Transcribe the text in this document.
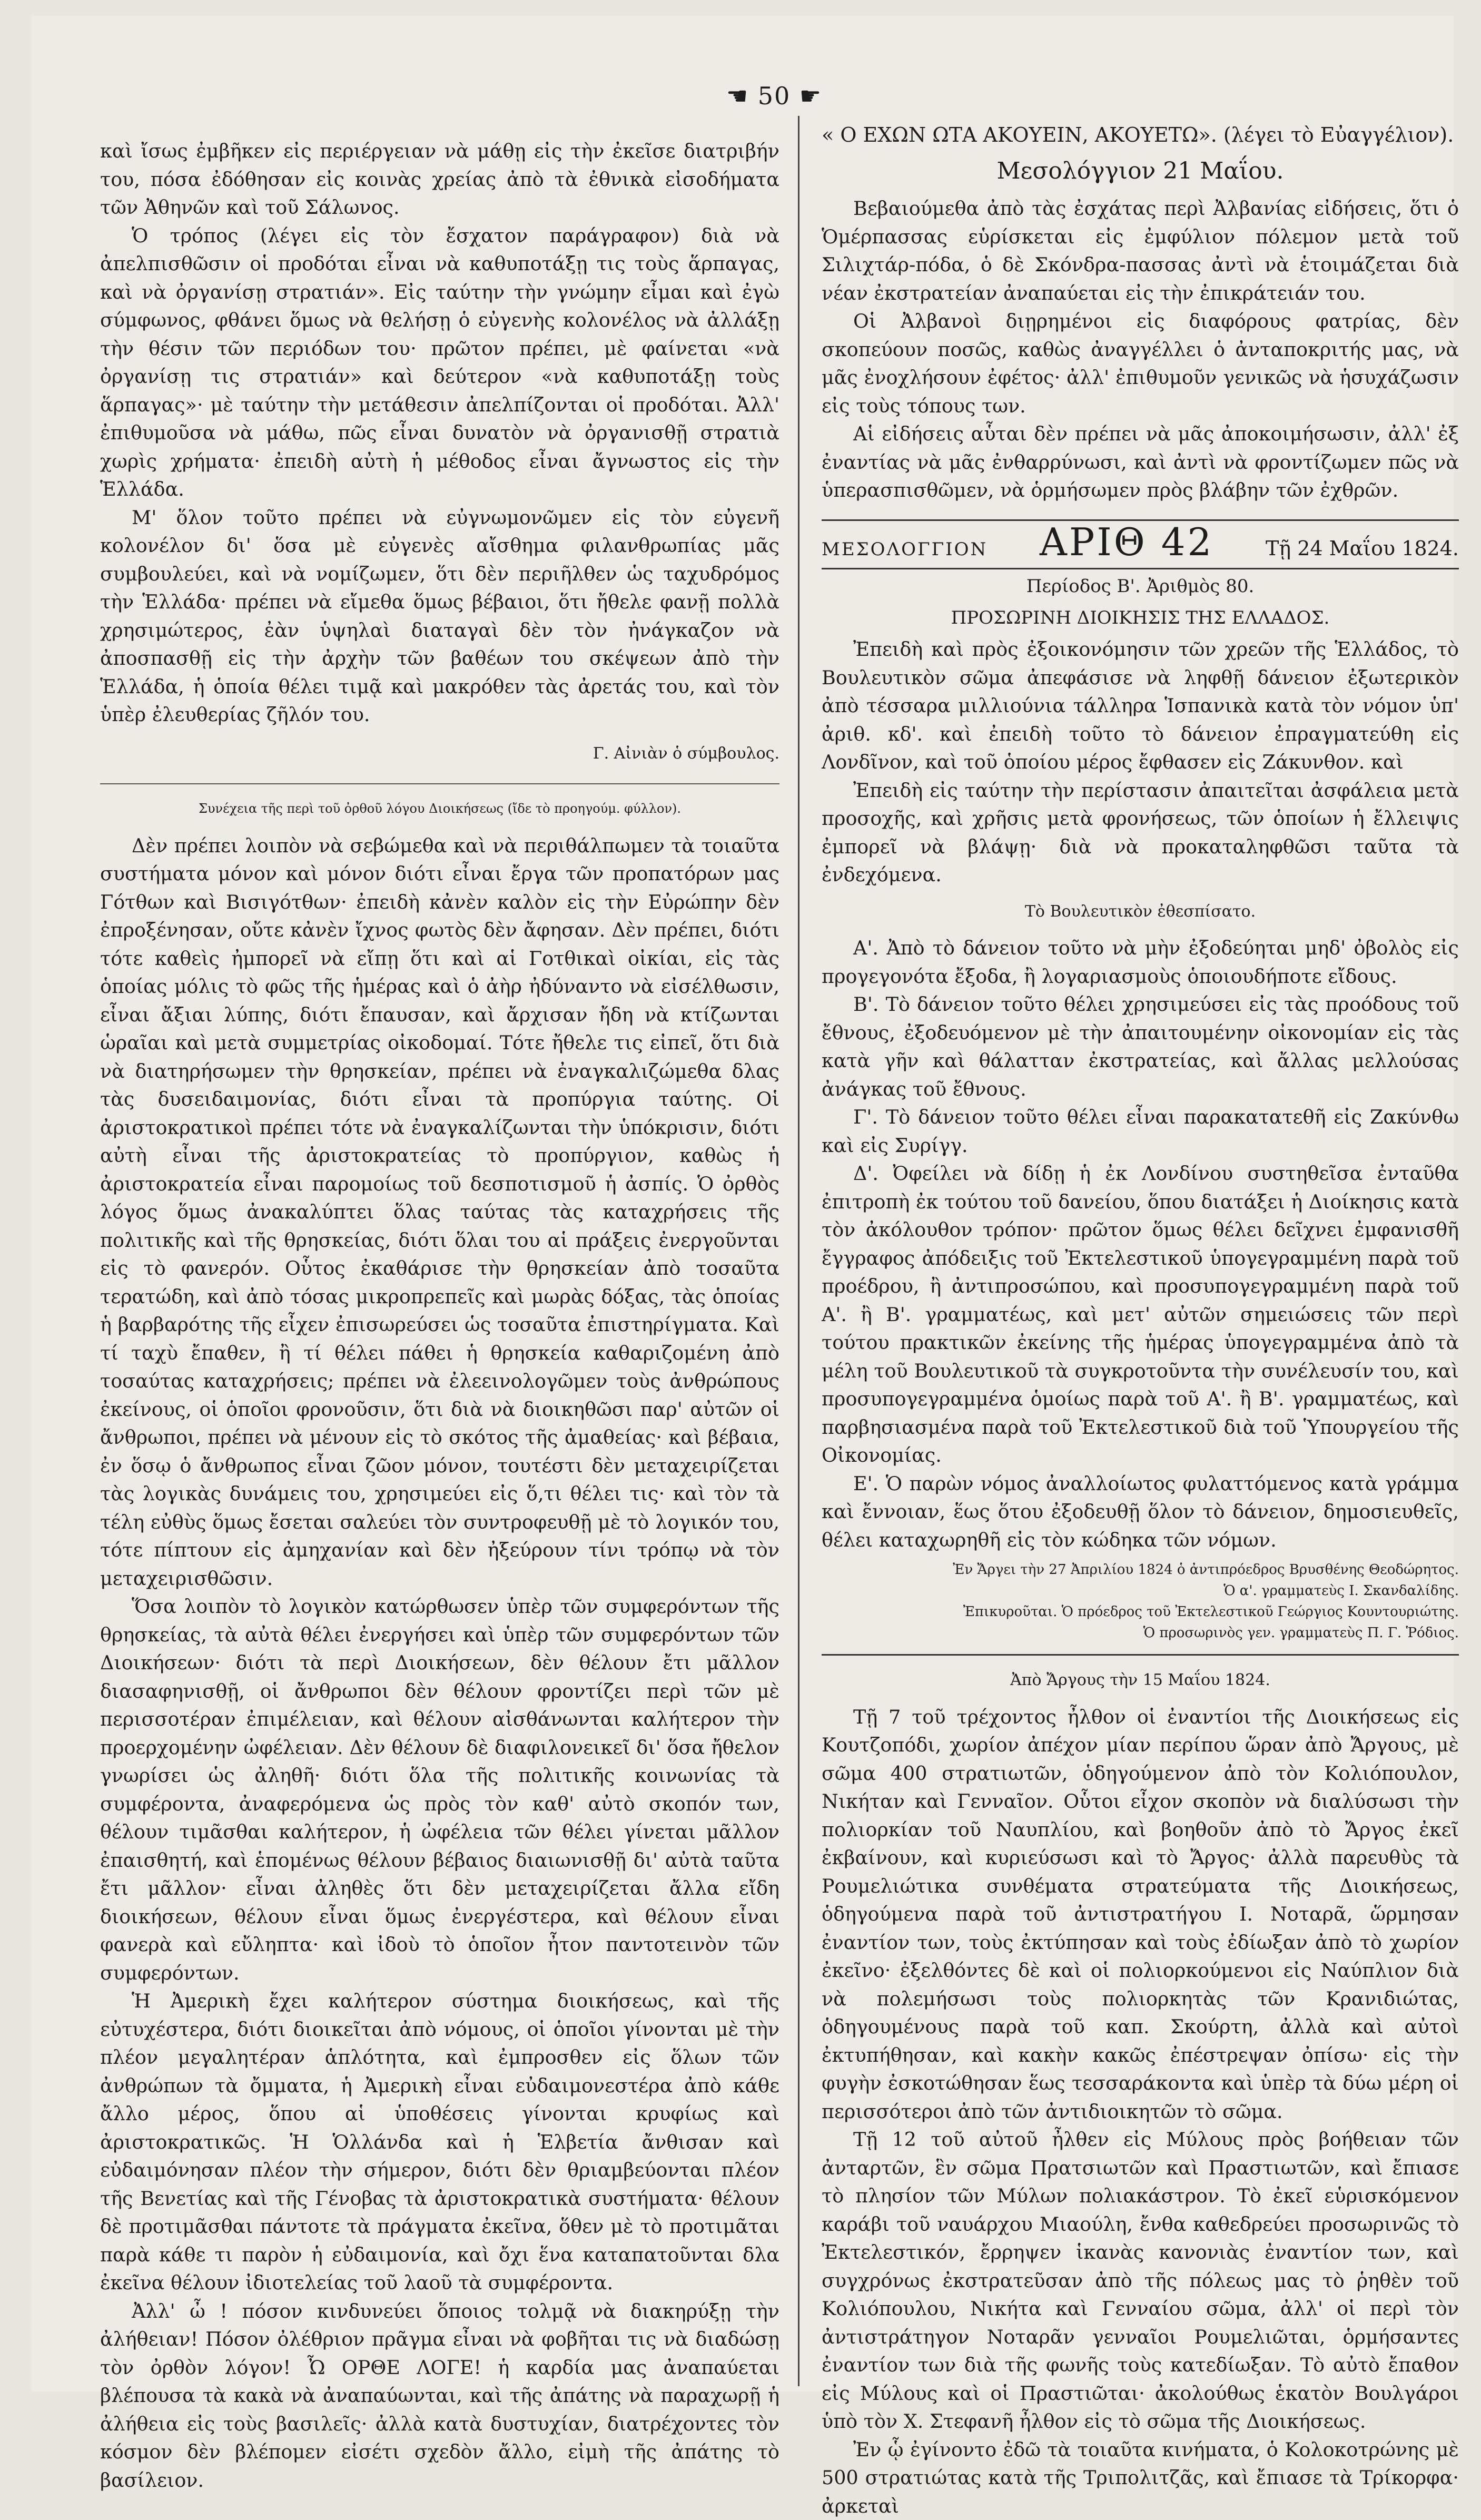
☚ 50 ☛

καὶ ἴσως ἐμβῆκεν εἰς περιέργειαν νὰ μάθῃ εἰς τὴν ἐκεῖσε διατριβήν του, πόσα ἐδόθησαν εἰς κοινὰς χρείας ἀπὸ τὰ ἐθνικὰ εἰσοδήματα τῶν Ἀθηνῶν καὶ τοῦ Σάλωνος.

Ὁ τρόπος (λέγει εἰς τὸν ἔσχατον παράγραφον) διὰ νὰ ἀπελπισθῶσιν οἱ προδόται εἶναι νὰ καθυποτάξῃ τις τοὺς ἅρπαγας, καὶ νὰ ὀργανίσῃ στρατιάν». Εἰς ταύτην τὴν γνώμην εἶμαι καὶ ἐγὼ σύμφωνος, φθάνει ὅμως νὰ θελήσῃ ὁ εὐγενὴς κολονέλος νὰ ἀλλάξῃ τὴν θέσιν τῶν περιόδων του· πρῶτον πρέπει, μὲ φαίνεται «νὰ ὀργανίσῃ τις στρατιάν» καὶ δεύτερον «νὰ καθυποτάξῃ τοὺς ἅρπαγας»· μὲ ταύτην τὴν μετάθεσιν ἀπελπίζονται οἱ προδόται. Ἀλλ' ἐπιθυμοῦσα νὰ μάθω, πῶς εἶναι δυνατὸν νὰ ὀργανισθῇ στρατιὰ χωρὶς χρήματα· ἐπειδὴ αὐτὴ ἡ μέθοδος εἶναι ἄγνωστος εἰς τὴν Ἑλλάδα.

Μ' ὅλον τοῦτο πρέπει νὰ εὐγνωμονῶμεν εἰς τὸν εὐγενῆ κολονέλον δι' ὅσα μὲ εὐγενὲς αἴσθημα φιλανθρωπίας μᾶς συμβουλεύει, καὶ νὰ νομίζωμεν, ὅτι δὲν περιῆλθεν ὡς ταχυδρόμος τὴν Ἑλλάδα· πρέπει νὰ εἴμεθα ὅμως βέβαιοι, ὅτι ἤθελε φανῇ πολλὰ χρησιμώτερος, ἐὰν ὑψηλαὶ διαταγαὶ δὲν τὸν ἠνάγκαζον νὰ ἀποσπασθῇ εἰς τὴν ἀρχὴν τῶν βαθέων του σκέψεων ἀπὸ τὴν Ἑλλάδα, ἡ ὁποία θέλει τιμᾷ καὶ μακρόθεν τὰς ἀρετάς του, καὶ τὸν ὑπὲρ ἐλευθερίας ζῆλόν του.

Γ. Αἰνιὰν ὁ σύμβουλος.
Συνέχεια τῆς περὶ τοῦ ὀρθοῦ λόγου Διοικήσεως (ἴδε τὸ προηγούμ. φύλλον).

Δὲν πρέπει λοιπὸν νὰ σεβώμεθα καὶ νὰ περιθάλπωμεν τὰ τοιαῦτα συστήματα μόνον καὶ μόνον διότι εἶναι ἔργα τῶν προπατόρων μας Γότθων καὶ Βισιγότθων· ἐπειδὴ κἀνὲν καλὸν εἰς τὴν Εὐρώπην δὲν ἐπροξένησαν, οὔτε κἀνὲν ἴχνος φωτὸς δὲν ἄφησαν. Δὲν πρέπει, διότι τότε καθεὶς ἠμπορεῖ νὰ εἴπῃ ὅτι καὶ αἱ Γοτθικαὶ οἰκίαι, εἰς τὰς ὁποίας μόλις τὸ φῶς τῆς ἡμέρας καὶ ὁ ἀὴρ ἠδύναντο νὰ εἰσέλθωσιν, εἶναι ἄξιαι λύπης, διότι ἔπαυσαν, καὶ ἄρχισαν ἤδη νὰ κτίζωνται ὡραῖαι καὶ μετὰ συμμετρίας οἰκοδομαί. Τότε ἤθελε τις εἰπεῖ, ὅτι διὰ νὰ διατηρήσωμεν τὴν θρησκείαν, πρέπει νὰ ἐναγκαλιζώμεθα δλας τὰς δυσειδαιμονίας, διότι εἶναι τὰ προπύργια ταύτης. Οἱ ἀριστοκρατικοὶ πρέπει τότε νὰ ἐναγκαλίζωνται τὴν ὑπόκρισιν, διότι αὐτὴ εἶναι τῆς ἀριστοκρατείας τὸ προπύργιον, καθὼς ἡ ἀριστοκρατεία εἶναι παρομοίως τοῦ δεσποτισμοῦ ἡ ἀσπίς. Ὁ ὀρθὸς λόγος ὅμως ἀνακαλύπτει ὅλας ταύτας τὰς καταχρήσεις τῆς πολιτικῆς καὶ τῆς θρησκείας, διότι ὅλαι του αἱ πράξεις ἐνεργοῦνται εἰς τὸ φανερόν. Οὗτος ἐκαθάρισε τὴν θρησκείαν ἀπὸ τοσαῦτα τερατώδη, καὶ ἀπὸ τόσας μικροπρεπεῖς καὶ μωρὰς δόξας, τὰς ὁποίας ἡ βαρβαρότης τῆς εἶχεν ἐπισωρεύσει ὡς τοσαῦτα ἐπιστηρίγματα. Καὶ τί ταχὺ ἔπαθεν, ἢ τί θέλει πάθει ἡ θρησκεία καθαριζομένη ἀπὸ τοσαύτας καταχρήσεις; πρέπει νὰ ἐλεεινολογῶμεν τοὺς ἀνθρώπους ἐκείνους, οἱ ὁποῖοι φρονοῦσιν, ὅτι διὰ νὰ διοικηθῶσι παρ' αὐτῶν οἱ ἄνθρωποι, πρέπει νὰ μένουν εἰς τὸ σκότος τῆς ἀμαθείας· καὶ βέβαια, ἐν ὅσῳ ὁ ἄνθρωπος εἶναι ζῶον μόνον, τουτέστι δὲν μεταχειρίζεται τὰς λογικὰς δυνάμεις του, χρησιμεύει εἰς ὅ,τι θέλει τις· καὶ τὸν τὰ τέλη εὐθὺς ὅμως ἔσεται σαλεύει τὸν συντροφευθῇ μὲ τὸ λογικόν του, τότε πίπτουν εἰς ἀμηχανίαν καὶ δὲν ἠξεύρουν τίνι τρόπῳ νὰ τὸν μεταχειρισθῶσιν.

Ὅσα λοιπὸν τὸ λογικὸν κατώρθωσεν ὑπὲρ τῶν συμφερόντων τῆς θρησκείας, τὰ αὐτὰ θέλει ἐνεργήσει καὶ ὑπὲρ τῶν συμφερόντων τῶν Διοικήσεων· διότι τὰ περὶ Διοικήσεων, δὲν θέλουν ἔτι μᾶλλον διασαφηνισθῇ, οἱ ἄνθρωποι δὲν θέλουν φροντίζει περὶ τῶν μὲ περισσοτέραν ἐπιμέλειαν, καὶ θέλουν αἰσθάνωνται καλήτερον τὴν προερχομένην ὠφέλειαν. Δὲν θέλουν δὲ διαφιλονεικεῖ δι' ὅσα ἤθελον γνωρίσει ὡς ἀληθῆ· διότι ὅλα τῆς πολιτικῆς κοινωνίας τὰ συμφέροντα, ἀναφερόμενα ὡς πρὸς τὸν καθ' αὐτὸ σκοπόν των, θέλουν τιμᾶσθαι καλήτερον, ἡ ὠφέλεια τῶν θέλει γίνεται μᾶλλον ἐπαισθητή, καὶ ἑπομένως θέλουν βέβαιος διαιωνισθῇ δι' αὐτὰ ταῦτα ἔτι μᾶλλον· εἶναι ἀληθὲς ὅτι δὲν μεταχειρίζεται ἄλλα εἴδη διοικήσεων, θέλουν εἶναι ὅμως ἐνεργέστερα, καὶ θέλουν εἶναι φανερὰ καὶ εὔληπτα· καὶ ἰδοὺ τὸ ὁποῖον ἦτον παντοτεινὸν τῶν συμφερόντων.

Ἡ Ἀμερικὴ ἔχει καλήτερον σύστημα διοικήσεως, καὶ τῆς εὐτυχέστερα, διότι διοικεῖται ἀπὸ νόμους, οἱ ὁποῖοι γίνονται μὲ τὴν πλέον μεγαλητέραν ἁπλότητα, καὶ ἐμπροσθεν εἰς ὅλων τῶν ἀνθρώπων τὰ ὄμματα, ἡ Ἀμερικὴ εἶναι εὐδαιμονεστέρα ἀπὸ κάθε ἄλλο μέρος, ὅπου αἱ ὑποθέσεις γίνονται κρυφίως καὶ ἀριστοκρατικῶς. Ἡ Ὁλλάνδα καὶ ἡ Ἑλβετία ἄνθισαν καὶ εὐδαιμόνησαν πλέον τὴν σήμερον, διότι δὲν θριαμβεύονται πλέον τῆς Βενετίας καὶ τῆς Γένοβας τὰ ἀριστοκρατικὰ συστήματα· θέλουν δὲ προτιμᾶσθαι πάντοτε τὰ πράγματα ἐκεῖνα, ὅθεν μὲ τὸ προτιμᾶται παρὰ κάθε τι παρὸν ἡ εὐδαιμονία, καὶ ὄχι ἕνα καταπατοῦνται δλα ἐκεῖνα θέλουν ἰδιοτελείας τοῦ λαοῦ τὰ συμφέροντα.

Ἀλλ' ὦ ! πόσον κινδυνεύει ὅποιος τολμᾷ νὰ διακηρύξῃ τὴν ἀλήθειαν! Πόσον ὀλέθριον πρᾶγμα εἶναι νὰ φοβῆται τις νὰ διαδώσῃ τὸν ὀρθὸν λόγον! Ὦ ΟΡΘΕ ΛΟΓΕ! ἡ καρδία μας ἀναπαύεται βλέπουσα τὰ κακὰ νὰ ἀναπαύωνται, καὶ τῆς ἀπάτης νὰ παραχωρῇ ἡ ἀλήθεια εἰς τοὺς βασιλεῖς· ἀλλὰ κατὰ δυστυχίαν, διατρέχοντες τὸν κόσμον δὲν βλέπομεν εἰσέτι σχεδὸν ἄλλο, εἰμὴ τῆς ἀπάτης τὸ βασίλειον.

« Ο ΕΧΩΝ ΩΤΑ ΑΚΟΥΕΙΝ, ΑΚΟΥΕΤΩ». (λέγει τὸ Εὐαγγέλιον).
Μεσολόγγιον 21 Μαΐου.

Βεβαιούμεθα ἀπὸ τὰς ἐσχάτας περὶ Ἀλβανίας εἰδήσεις, ὅτι ὁ Ὁμέρπασσας εὑρίσκεται εἰς ἐμφύλιον πόλεμον μετὰ τοῦ Σιλιχτάρ-πόδα, ὁ δὲ Σκόνδρα-πασσας ἀντὶ νὰ ἑτοιμάζεται διὰ νέαν ἐκστρατείαν ἀναπαύεται εἰς τὴν ἐπικράτειάν του.

Οἱ Ἀλβανοὶ διῃρημένοι εἰς διαφόρους φατρίας, δὲν σκοπεύουν ποσῶς, καθὼς ἀναγγέλλει ὁ ἀνταποκριτής μας, νὰ μᾶς ἐνοχλήσουν ἐφέτος· ἀλλ' ἐπιθυμοῦν γενικῶς νὰ ἡσυχάζωσιν εἰς τοὺς τόπους των.

Αἱ εἰδήσεις αὗται δὲν πρέπει νὰ μᾶς ἀποκοιμήσωσιν, ἀλλ' ἐξ ἐναντίας νὰ μᾶς ἐνθαρρύνωσι, καὶ ἀντὶ νὰ φροντίζωμεν πῶς νὰ ὑπερασπισθῶμεν, νὰ ὁρμήσωμεν πρὸς βλάβην τῶν ἐχθρῶν.

ΜΕΣΟΛΟΓΓΙΟΝ ΑΡΙΘ 42	Τῇ 24 Μαΐου 1824.
Περίοδος Β'. Ἀριθμὸς 80.
ΠΡΟΣΩΡΙΝΗ ΔΙΟΙΚΗΣΙΣ ΤΗΣ ΕΛΛΑΔΟΣ.

Ἐπειδὴ καὶ πρὸς ἐξοικονόμησιν τῶν χρεῶν τῆς Ἑλλάδος, τὸ Βουλευτικὸν σῶμα ἀπεφάσισε νὰ ληφθῇ δάνειον ἐξωτερικὸν ἀπὸ τέσσαρα μιλλιούνια τάλληρα Ἱσπανικὰ κατὰ τὸν νόμον ὑπ' ἀριθ. κδ'. καὶ ἐπειδὴ τοῦτο τὸ δάνειον ἐπραγματεύθη εἰς Λονδῖνον, καὶ τοῦ ὁποίου μέρος ἔφθασεν εἰς Ζάκυνθον. καὶ

Ἐπειδὴ εἰς ταύτην τὴν περίστασιν ἀπαιτεῖται ἀσφάλεια μετὰ προσοχῆς, καὶ χρῆσις μετὰ φρονήσεως, τῶν ὁποίων ἡ ἔλλειψις ἐμπορεῖ νὰ βλάψῃ· διὰ νὰ προκαταληφθῶσι ταῦτα τὰ ἐνδεχόμενα.

Τὸ Βουλευτικὸν ἐθεσπίσατο.

Α'. Ἀπὸ τὸ δάνειον τοῦτο νὰ μὴν ἐξοδεύηται μηδ' ὀβολὸς εἰς προγεγονότα ἔξοδα, ἢ λογαριασμοὺς ὁποιουδήποτε εἴδους.

Β'. Τὸ δάνειον τοῦτο θέλει χρησιμεύσει εἰς τὰς προόδους τοῦ ἔθνους, ἐξοδευόμενον μὲ τὴν ἀπαιτουμένην οἰκονομίαν εἰς τὰς κατὰ γῆν καὶ θάλατταν ἐκστρατείας, καὶ ἄλλας μελλούσας ἀνάγκας τοῦ ἔθνους.

Γ'. Τὸ δάνειον τοῦτο θέλει εἶναι παρακατατεθῆ εἰς Ζακύνθω καὶ εἰς Συρίγγ.

Δ'. Ὀφείλει νὰ δίδῃ ἡ ἐκ Λονδίνου συστηθεῖσα ἐνταῦθα ἐπιτροπὴ ἐκ τούτου τοῦ δανείου, ὅπου διατάξει ἡ Διοίκησις κατὰ τὸν ἀκόλουθον τρόπον· πρῶτον ὅμως θέλει δεῖχνει ἐμφανισθῆ ἔγγραφος ἀπόδειξις τοῦ Ἐκτελεστικοῦ ὑπογεγραμμένη παρὰ τοῦ προέδρου, ἢ ἀντιπροσώπου, καὶ προσυπογεγραμμένη παρὰ τοῦ Α'. ἢ Β'. γραμματέως, καὶ μετ' αὐτῶν σημειώσεις τῶν περὶ τούτου πρακτικῶν ἐκείνης τῆς ἡμέρας ὑπογεγραμμένα ἀπὸ τὰ μέλη τοῦ Βουλευτικοῦ τὰ συγκροτοῦντα τὴν συνέλευσίν του, καὶ προσυπογεγραμμένα ὁμοίως παρὰ τοῦ Α'. ἢ Β'. γραμματέως, καὶ παρβησιασμένα παρὰ τοῦ Ἐκτελεστικοῦ διὰ τοῦ Ὑπουργείου τῆς Οἰκονομίας.

Ε'. Ὁ παρὼν νόμος ἀναλλοίωτος φυλαττόμενος κατὰ γράμμα καὶ ἔννοιαν, ἕως ὅτου ἐξοδευθῇ ὅλον τὸ δάνειον, δημοσιευθεῖς, θέλει καταχωρηθῆ εἰς τὸν κώδηκα τῶν νόμων.

Ἐν Ἄργει τὴν 27 Ἀπριλίου 1824 ὁ ἀντιπρόεδρος Βρυσθένης Θεοδώρητος.
Ὁ α'. γραμματεὺς Ι. Σκανδαλίδης.
Ἐπικυροῦται. Ὁ πρόεδρος τοῦ Ἐκτελεστικοῦ Γεώργιος Κουντουριώτης.
Ὁ προσωρινὸς γεν. γραμματεὺς Π. Γ. Ῥόδιος.
Ἀπὸ Ἄργους τὴν 15 Μαΐου 1824.

Τῇ 7 τοῦ τρέχοντος ἦλθον οἱ ἐναντίοι τῆς Διοικήσεως εἰς Κουτζοπόδι, χωρίον ἀπέχον μίαν περίπου ὥραν ἀπὸ Ἄργους, μὲ σῶμα 400 στρατιωτῶν, ὁδηγούμενον ἀπὸ τὸν Κολιόπουλον, Νικήταν καὶ Γενναῖον. Οὗτοι εἶχον σκοπὸν νὰ διαλύσωσι τὴν πολιορκίαν τοῦ Ναυπλίου, καὶ βοηθοῦν ἀπὸ τὸ Ἄργος ἐκεῖ ἐκβαίνουν, καὶ κυριεύσωσι καὶ τὸ Ἄργος· ἀλλὰ παρευθὺς τὰ Ρουμελιώτικα συνθέματα στρατεύματα τῆς Διοικήσεως, ὁδηγούμενα παρὰ τοῦ ἀντιστρατήγου Ι. Νοταρᾶ, ὥρμησαν ἐναντίον των, τοὺς ἐκτύπησαν καὶ τοὺς ἐδίωξαν ἀπὸ τὸ χωρίον ἐκεῖνο· ἐξελθόντες δὲ καὶ οἱ πολιορκούμενοι εἰς Ναύπλιον διὰ νὰ πολεμήσωσι τοὺς πολιορκητὰς τῶν Κρανιδιώτας, ὁδηγουμένους παρὰ τοῦ καπ. Σκούρτη, ἀλλὰ καὶ αὐτοὶ ἐκτυπήθησαν, καὶ κακὴν κακῶς ἐπέστρεψαν ὀπίσω· εἰς τὴν φυγὴν ἐσκοτώθησαν ἕως τεσσαράκοντα καὶ ὑπὲρ τὰ δύω μέρη οἱ περισσότεροι ἀπὸ τῶν ἀντιδιοικητῶν τὸ σῶμα.

Τῇ 12 τοῦ αὐτοῦ ἦλθεν εἰς Μύλους πρὸς βοήθειαν τῶν ἀνταρτῶν, ἓν σῶμα Πρατσιωτῶν καὶ Πραστιωτῶν, καὶ ἔπιασε τὸ πλησίον τῶν Μύλων πολιακάστρον. Τὸ ἐκεῖ εὑρισκόμενον καράβι τοῦ ναυάρχου Μιαούλη, ἔνθα καθεδρεύει προσωρινῶς τὸ Ἐκτελεστικόν, ἔρρηψεν ἱκανὰς κανονιὰς ἐναντίον των, καὶ συγχρόνως ἐκστρατεῦσαν ἀπὸ τῆς πόλεως μας τὸ ῥηθὲν τοῦ Κολιόπουλου, Νικήτα καὶ Γενναίου σῶμα, ἀλλ' οἱ περὶ τὸν ἀντιστράτηγον Νοταρᾶν γενναῖοι Ρουμελιῶται, ὁρμήσαντες ἐναντίον των διὰ τῆς φωνῆς τοὺς κατεδίωξαν. Τὸ αὐτὸ ἔπαθον εἰς Μύλους καὶ οἱ Πραστιῶται· ἀκολούθως ἑκατὸν Βουλγάροι ὑπὸ τὸν Χ. Στεφανῆ ἦλθον εἰς τὸ σῶμα τῆς Διοικήσεως.

Ἐν ᾧ ἐγίνοντο ἐδῶ τὰ τοιαῦτα κινήματα, ὁ Κολοκοτρώνης μὲ 500 στρατιώτας κατὰ τῆς Τριπολιτζᾶς, καὶ ἔπιασε τὰ Τρίκορφα· ἀρκεταὶ
